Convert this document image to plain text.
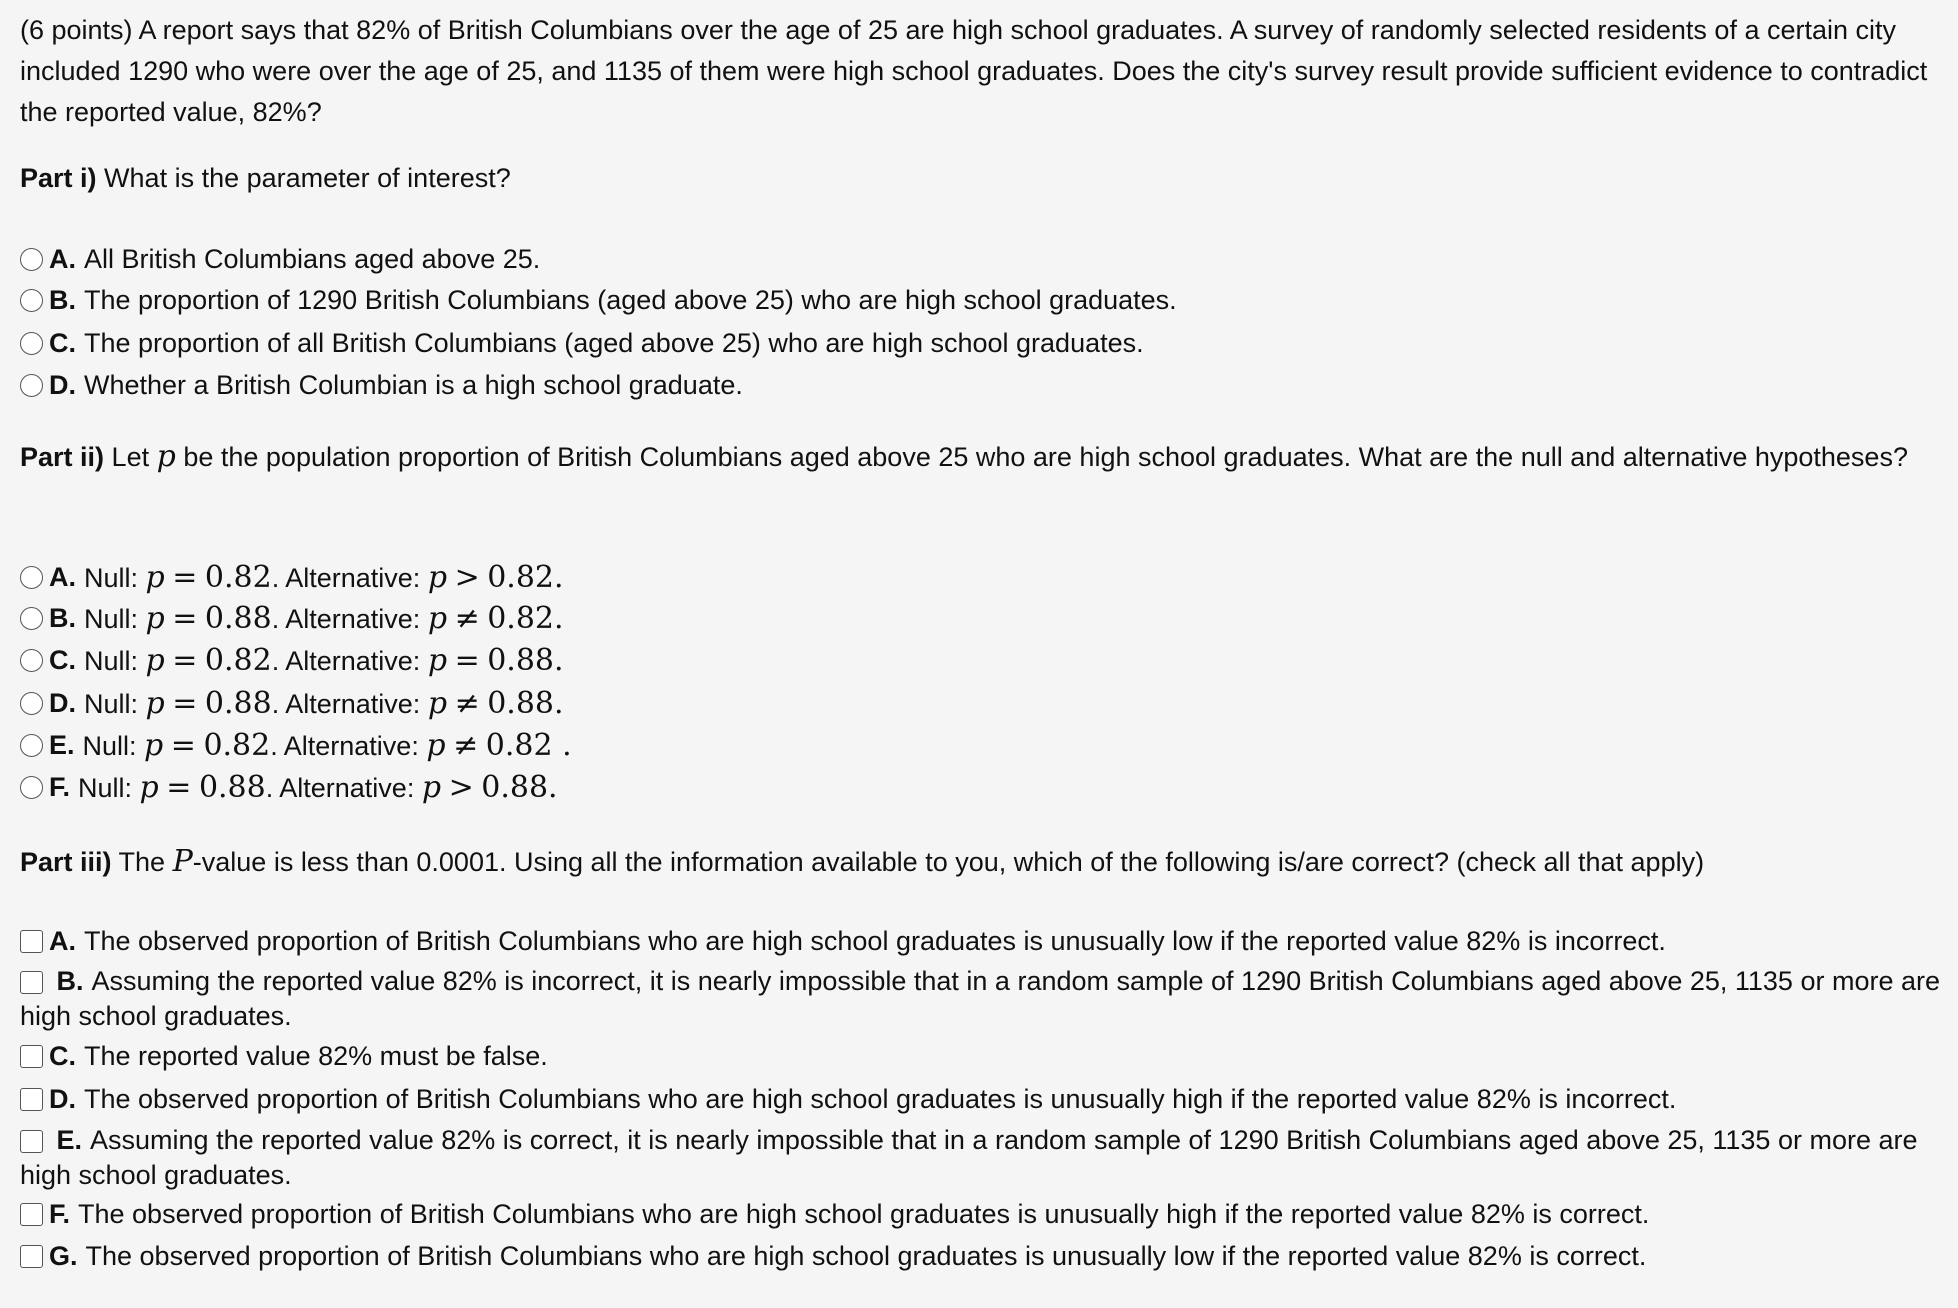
(6 points) A report says that 82% of British Columbians over the age of 25 are high school graduates. A survey of randomly selected residents of a certain city included 1290 who were over the age of 25, and 1135 of them were high school graduates. Does the city's survey result provide sufficient evidence to contradict the reported value, 82%?

Part i) What is the parameter of interest?

A. All British Columbians aged above 25.
B. The proportion of 1290 British Columbians (aged above 25) who are high school graduates.
C. The proportion of all British Columbians (aged above 25) who are high school graduates.
D. Whether a British Columbian is a high school graduate.

Part ii) Let p be the population proportion of British Columbians aged above 25 who are high school graduates. What are the null and alternative hypotheses?

A. Null: p = 0.82. Alternative: p > 0.82.
B. Null: p = 0.88. Alternative: p ≠ 0.82.
C. Null: p = 0.82. Alternative: p = 0.88.
D. Null: p = 0.88. Alternative: p ≠ 0.88.
E. Null: p = 0.82. Alternative: p ≠ 0.82 .
F. Null: p = 0.88. Alternative: p > 0.88.

Part iii) The P-value is less than 0.0001. Using all the information available to you, which of the following is/are correct? (check all that apply)

A. The observed proportion of British Columbians who are high school graduates is unusually low if the reported value 82% is incorrect.
B. Assuming the reported value 82% is incorrect, it is nearly impossible that in a random sample of 1290 British Columbians aged above 25, 1135 or more are high school graduates.
C. The reported value 82% must be false.
D. The observed proportion of British Columbians who are high school graduates is unusually high if the reported value 82% is incorrect.
E. Assuming the reported value 82% is correct, it is nearly impossible that in a random sample of 1290 British Columbians aged above 25, 1135 or more are high school graduates.
F. The observed proportion of British Columbians who are high school graduates is unusually high if the reported value 82% is correct.
G. The observed proportion of British Columbians who are high school graduates is unusually low if the reported value 82% is correct.
